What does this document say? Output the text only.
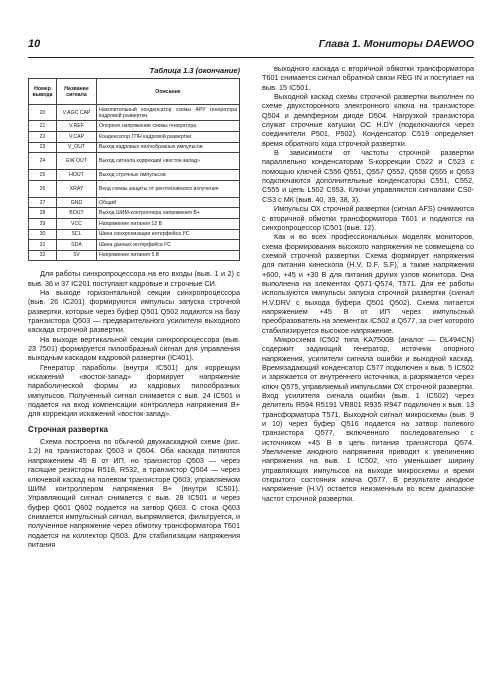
10	Глава 1. Мониторы DAEWOO
Таблица 1.3 (окончание)
Номер вывода	Название сигнала	Описание
20	V.AGC CAP	Накопительный конденсатор схемы АРУ генератора кадровой развертки
21	V.REF	Опорное напряжение схемы генератора
22	V.CAP	Конденсатор ГПН кадровой развертки
23	V_OUT	Выход кадровых пилообразных импульсов
24	EW OUT	Выход сигнала коррекции «восток-запад»
25	HOUT	Выход строчных импульсов
26	XRAY	Вход схемы защиты от рентгеновского излучения
27	GND	Общий
28	BOUT	Выход ШИМ-контроллера напряжения B+
29	VCC	Напряжение питания 12 В
30	SCL	Шина синхронизации интерфейса I²C
31	SDA	Шина данных интерфейса I²C
32	5V	Напряжение питания 5 В

Для работы синхропроцессора на его входы (выв. 1 и 2) с выв. 36 и 37 IC201 поступают кадровые и строчные СИ.

На выходе горизонтальной секции синхропроцессора (выв. 26 IC201) формируются импульсы запуска строчной развертки, которые через буфер Q501 Q502 подаются на базу транзистора Q503 — предварительного усилителя выходного каскада строчной развертки.

На выходе вертикальной секции синхропроцессора (выв. 23 7501) формируется пилообразный сигнал для управления выходным каскадом кадровой развертки (IC401).

Генератор параболы (внутри IC501) для коррекции искажений «восток-запад» формирует напряжение параболической формы из кадровых пилообразных импульсов. Полученный сигнал снимается с выв. 24 IC501 и подается на вход компенсации контроллера напряжения B+ для коррекции искажений «восток-запад».

Строчная развертка

Схема построена по обычной двухкаскадной схеме (рис. 1.2) на транзисторах Q503 и Q504. Оба каскада питаются напряжением 45 В от ИП, но транзистор Q503 — через гасящие резисторы R518, R532, а транзистор Q504 — через ключевой каскад на полевом транзисторе Q603, управляемом ШИМ контроллером напряжения B+ (внутри IC501). Управляющий сигнал снимается с выв. 28 IC501 и через буфер Q601 Q602 подается на затвор Q603. С стока Q603 снимается импульсный сигнал, выпрямляется, фильтруется, и полученное напряжение через обмотку трансформатора T601 подается на коллектор Q503. Для стабилизации напряжения питания

выходного каскада с вторичной обмотки трансформатора T601 снимается сигнал обратной связи REG IN и поступает на выв. 15 IC501.

Выходной каскад схемы строчной развертки выполнен по схеме двухсторонного электронного ключа на транзисторе Q504 и демпферном диоде D504. Нагрузкой транзистора служат строчные катушки ОС H.DY (подключаются через соединители P501, P502). Конденсатор C519 определяет время обратного хода строчной развертки.

В зависимости от частоты строчной развертки параллельно конденсаторам S-коррекции C522 и C523 с помощью ключей C556 Q551, Q557 Q552, Q558 Q555 и Q553 подключаются дополнительные конденсаторы C551, C552, C555 и цепь L502 C553. Ключи управляются сигналами CS0-CS3 с МК (выв. 40, 39, 38, 3).

Импульсы ОХ строчной развертки (сигнал AFS) снимаются с вторичной обмотки трансформатора T601 и подаются на синхропроцессор IC501 (выв. 12).

Как и во всех профессиональных моделях мониторов, схема формирования высокого напряжения не совмещена со схемой строчной развертки. Схема формирует напряжения для питания кинескопа (H.V, D.F, S.F), а также напряжения +600, +45 и +30 В для питания других узлов монитора. Она выполнена на элементах Q571-Q574, T571. Для ее работы используются импульсы запуска строчной развертки (сигнал H.V.DRV с выхода буфера Q501 Q502). Схема питается напряжением +45 В от ИП через импульсный преобразователь на элементах IC502 и Q577, за счет которого стабилизируется высокое напряжение.

Микросхема IC502 типа KA7500B (аналог — DL494CN) содержит задающий генератор, источник опорного напряжения, усилители сигнала ошибки и выходной каскад. Времязадающий конденсатор C577 подключен к выв. 5 IC502 и заряжается от внутреннего источника, а разряжается через ключ Q575, управляемый импульсами ОХ строчной развертки. Вход усилителя сигнала ошибки (выв. 1 IC502) через делитель R594 R5191 VR801 R935 R947 подключен к выв. 13 трансформатора T571. Выходной сигнал микросхемы (выв. 9 и 10) через буфер Q516 подается на затвор полевого транзистора Q577, включенного последовательно с источником +45 В в цепь питания транзистора Q574. Увеличение анодного напряжения приводит к увеличению напряжения на выв. 1 IC502, что уменьшает ширину управляющих импульсов на выходе микросхемы и время открытого состояния ключа Q577. В результате анодное напряжение (H.V) остается неизменным во всем диапазоне частот строчной развертки.
